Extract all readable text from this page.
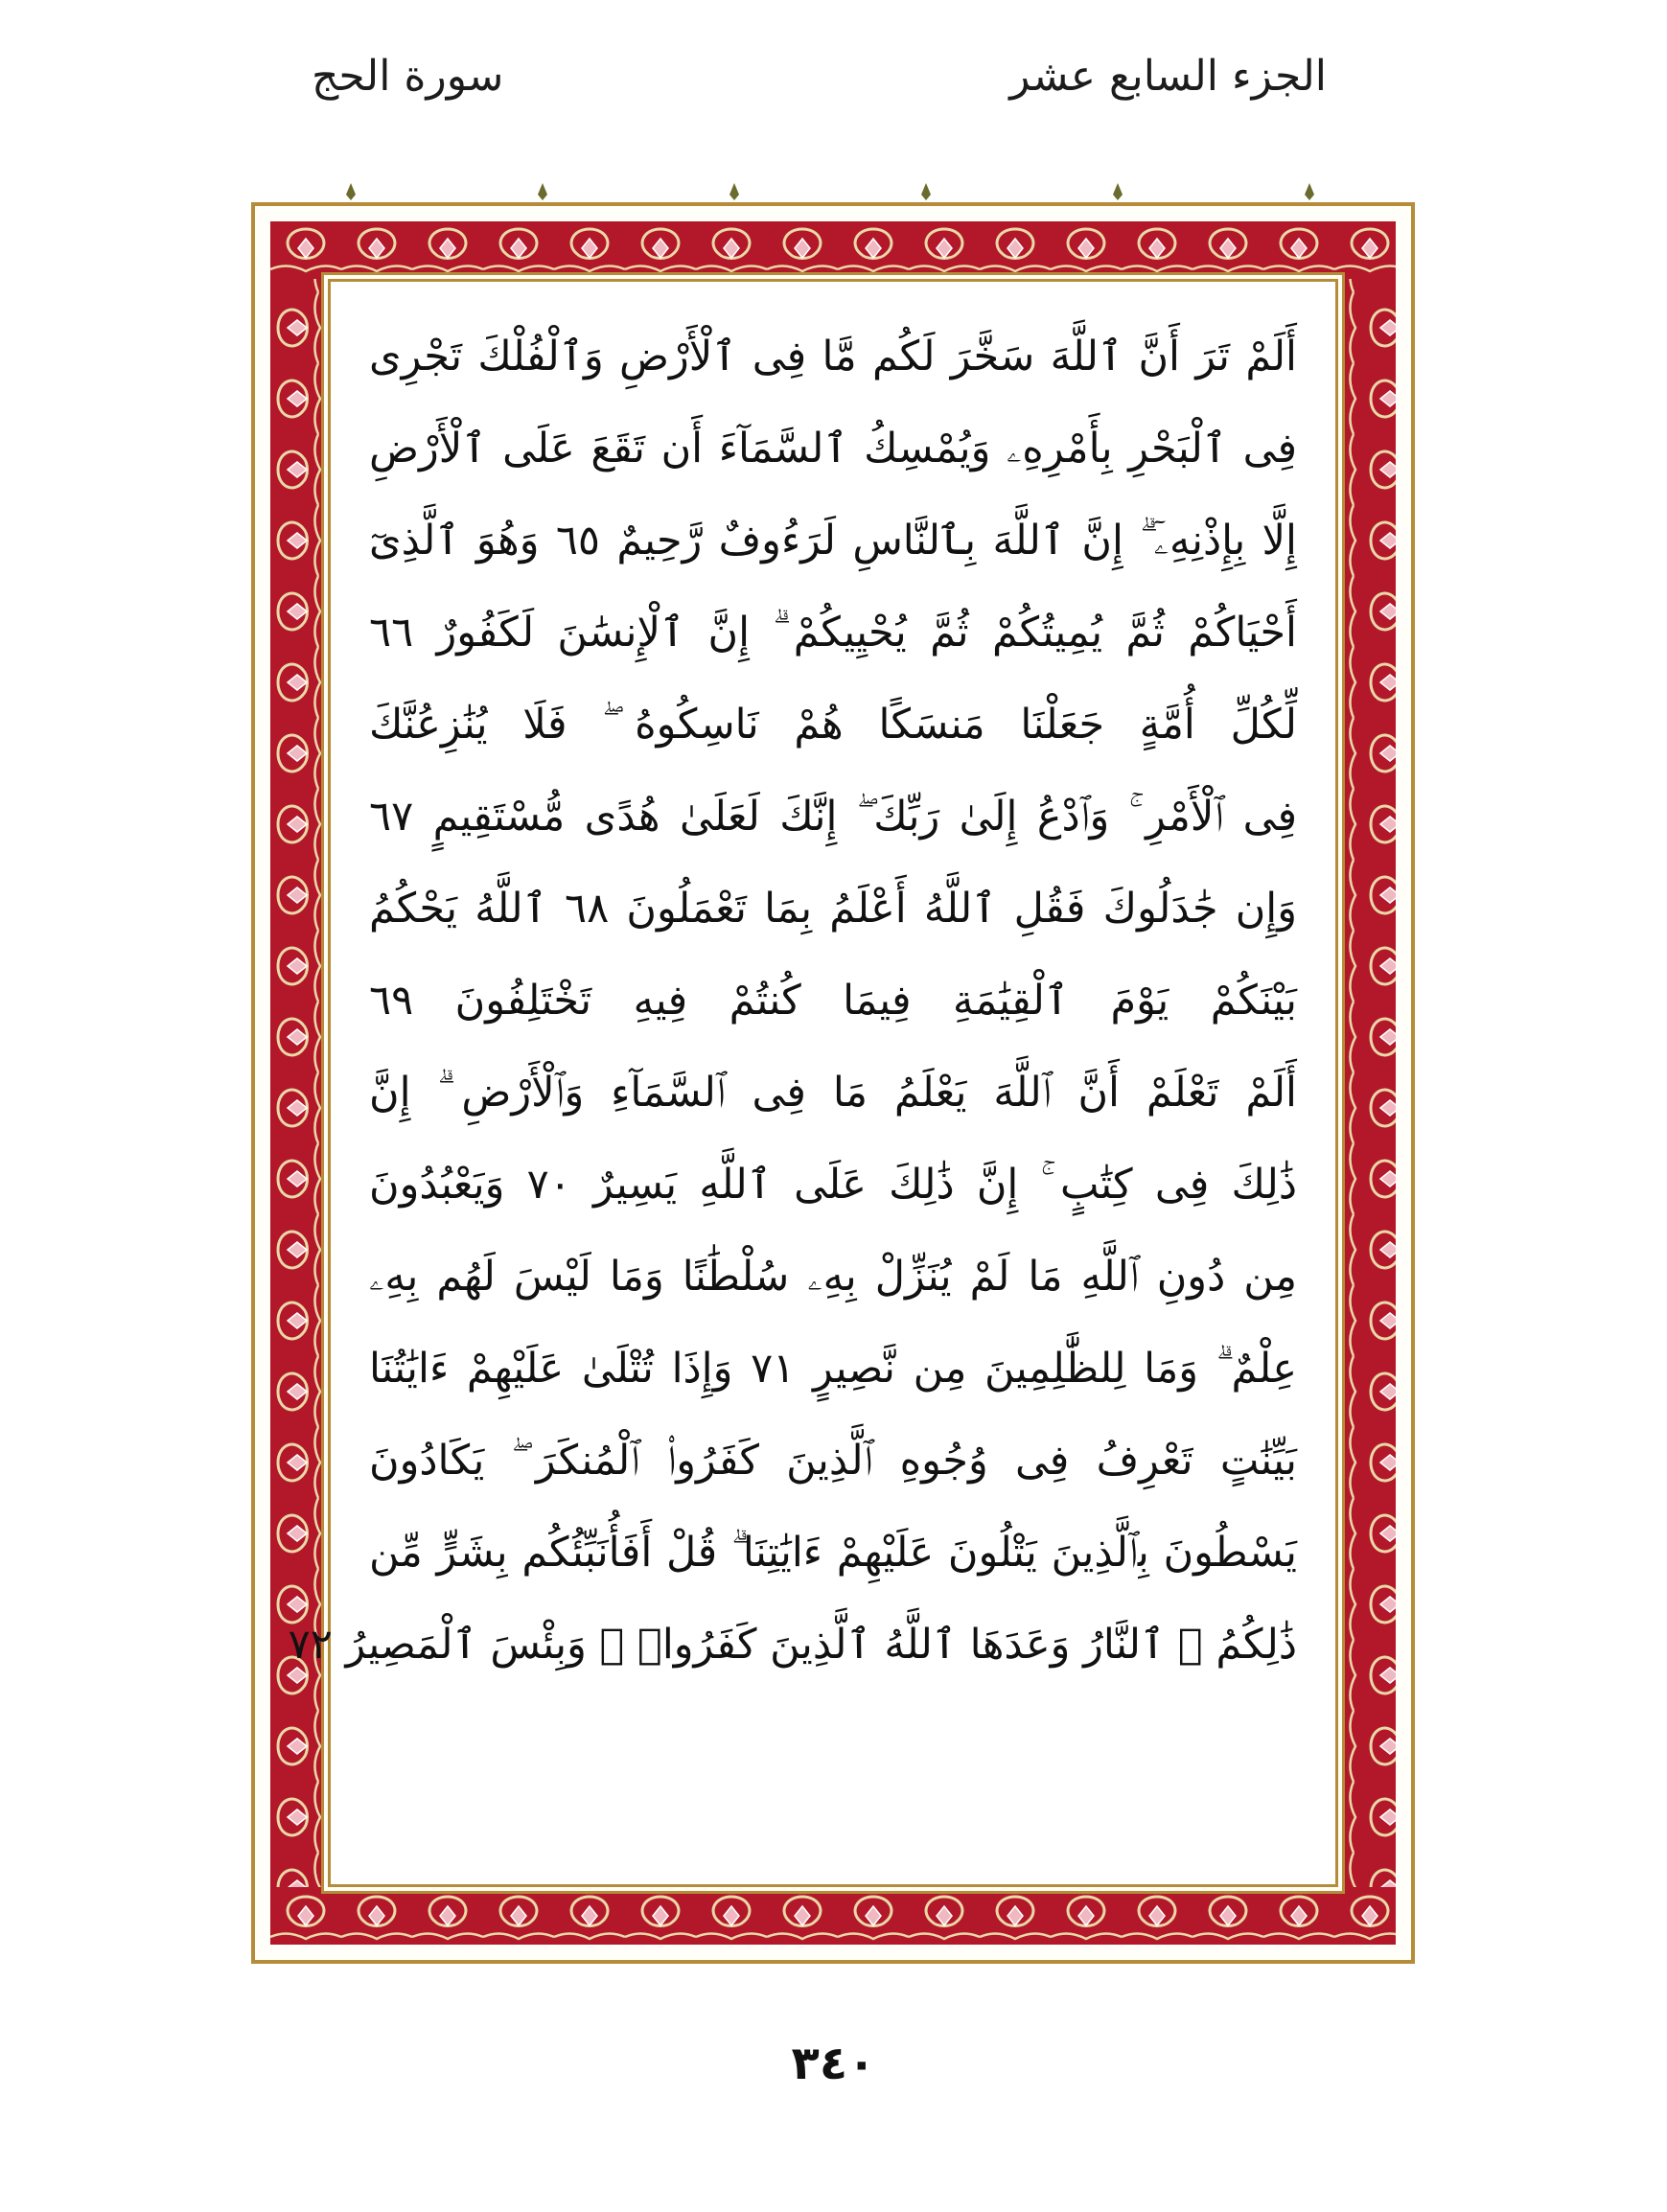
الجزء السابع عشر
سورة الحج
أَلَمْ تَرَ أَنَّ ٱللَّهَ سَخَّرَ لَكُم مَّا فِى ٱلْأَرْضِ وَٱلْفُلْكَ تَجْرِى
فِى ٱلْبَحْرِ بِأَمْرِهِۦ وَيُمْسِكُ ٱلسَّمَآءَ أَن تَقَعَ عَلَى ٱلْأَرْضِ
إِلَّا بِإِذْنِهِۦٓ ۗ إِنَّ ٱللَّهَ بِٱلنَّاسِ لَرَءُوفٌ رَّحِيمٌ ٦٥ وَهُوَ ٱلَّذِىٓ
أَحْيَاكُمْ ثُمَّ يُمِيتُكُمْ ثُمَّ يُحْيِيكُمْ ۗ إِنَّ ٱلْإِنسَٰنَ لَكَفُورٌ ٦٦
لِّكُلِّ أُمَّةٍ جَعَلْنَا مَنسَكًا هُمْ نَاسِكُوهُ ۖ فَلَا يُنَٰزِعُنَّكَ
فِى ٱلْأَمْرِ ۚ وَٱدْعُ إِلَىٰ رَبِّكَ ۖ إِنَّكَ لَعَلَىٰ هُدًى مُّسْتَقِيمٍ ٦٧
وَإِن جَٰدَلُوكَ فَقُلِ ٱللَّهُ أَعْلَمُ بِمَا تَعْمَلُونَ ٦٨ ٱللَّهُ يَحْكُمُ
بَيْنَكُمْ يَوْمَ ٱلْقِيَٰمَةِ فِيمَا كُنتُمْ فِيهِ تَخْتَلِفُونَ ٦٩
أَلَمْ تَعْلَمْ أَنَّ ٱللَّهَ يَعْلَمُ مَا فِى ٱلسَّمَآءِ وَٱلْأَرْضِ ۗ إِنَّ
ذَٰلِكَ فِى كِتَٰبٍ ۚ إِنَّ ذَٰلِكَ عَلَى ٱللَّهِ يَسِيرٌ ٧٠ وَيَعْبُدُونَ
مِن دُونِ ٱللَّهِ مَا لَمْ يُنَزِّلْ بِهِۦ سُلْطَٰنًا وَمَا لَيْسَ لَهُم بِهِۦ
عِلْمٌ ۗ وَمَا لِلظَّٰلِمِينَ مِن نَّصِيرٍ ٧١ وَإِذَا تُتْلَىٰ عَلَيْهِمْ ءَايَٰتُنَا
بَيِّنَٰتٍ تَعْرِفُ فِى وُجُوهِ ٱلَّذِينَ كَفَرُوا۟ ٱلْمُنكَرَ ۖ يَكَادُونَ
يَسْطُونَ بِٱلَّذِينَ يَتْلُونَ عَلَيْهِمْ ءَايَٰتِنَا ۗ قُلْ أَفَأُنَبِّئُكُم بِشَرٍّ مِّن
ذَٰلِكُمُ ۗ ٱلنَّارُ وَعَدَهَا ٱللَّهُ ٱلَّذِينَ كَفَرُوا۟ ۖ وَبِئْسَ ٱلْمَصِيرُ ٧٢
٣٤٠
